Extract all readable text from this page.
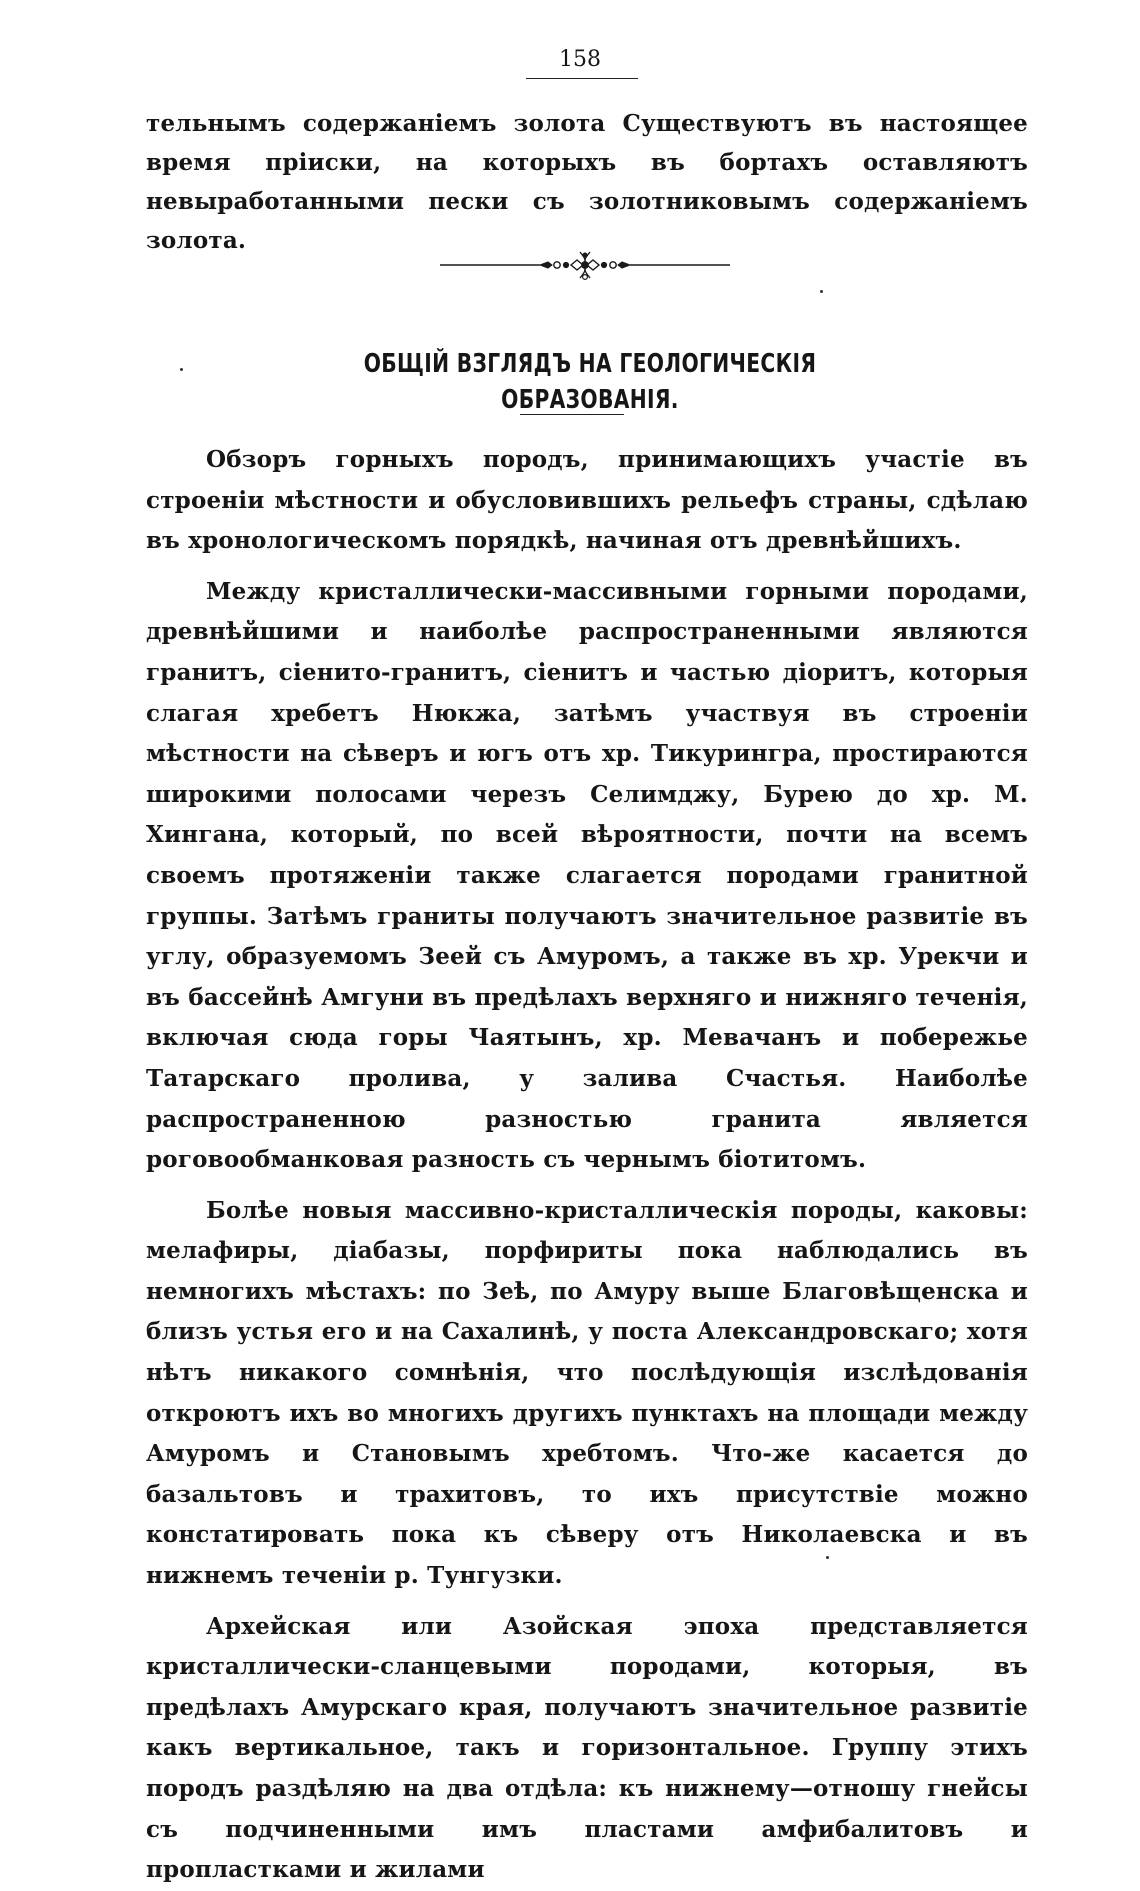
158

тельнымъ содержаніемъ золота Существуютъ въ настоящее время пріиски, на которыхъ въ бортахъ оставляютъ невыработанными пески съ золотниковымъ содержаніемъ золота.

ОБЩІЙ ВЗГЛЯДЪ НА ГЕОЛОГИЧЕСКІЯ ОБРАЗОВАНІЯ.

Обзоръ горныхъ породъ, принимающихъ участіе въ строеніи мѣстности и обусловившихъ рельефъ страны, сдѣлаю въ хронологическомъ порядкѣ, начиная отъ древнѣйшихъ.

Между кристаллически-массивными горными породами, древнѣйшими и наиболѣе распространенными являются гранитъ, сіенито-гранитъ, сіенитъ и частью діоритъ, которыя слагая хребетъ Нюкжа, затѣмъ участвуя въ строеніи мѣстности на сѣверъ и югъ отъ хр. Тикурингра, простираются широкими полосами черезъ Селимджу, Бурею до хр. М. Хингана, который, по всей вѣроятности, почти на всемъ своемъ протяженіи также слагается породами гранитной группы. Затѣмъ граниты получаютъ значительное развитіе въ углу, образуемомъ Зеей съ Амуромъ, а также въ хр. Урекчи и въ бассейнѣ Амгуни въ предѣлахъ верхняго и нижняго теченія, включая сюда горы Чаятынъ, хр. Мевачанъ и побережье Татарскаго пролива, у залива Счастья. Наиболѣе распространенною разностью гранита является роговообманковая разность съ чернымъ біотитомъ.

Болѣе новыя массивно-кристаллическія породы, каковы: мелафиры, діабазы, порфириты пока наблюдались въ немногихъ мѣстахъ: по Зеѣ, по Амуру выше Благовѣщенска и близъ устья его и на Сахалинѣ, у поста Александровскаго; хотя нѣтъ никакого сомнѣнія, что послѣдующія изслѣдованія откроютъ ихъ во многихъ другихъ пунктахъ на площади между Амуромъ и Становымъ хребтомъ. Что-же касается до базальтовъ и трахитовъ, то ихъ присутствіе можно констатировать пока къ сѣверу отъ Николаевска и въ нижнемъ теченіи р. Тунгузки.

Архейская или Азойская эпоха представляется кристаллически-сланцевыми породами, которыя, въ предѣлахъ Амурскаго края, получаютъ значительное развитіе какъ вертикальное, такъ и горизонтальное. Группу этихъ породъ раздѣляю на два отдѣла: къ нижнему—отношу гнейсы съ подчиненными имъ пластами амфибалитовъ и пропластками и жилами
